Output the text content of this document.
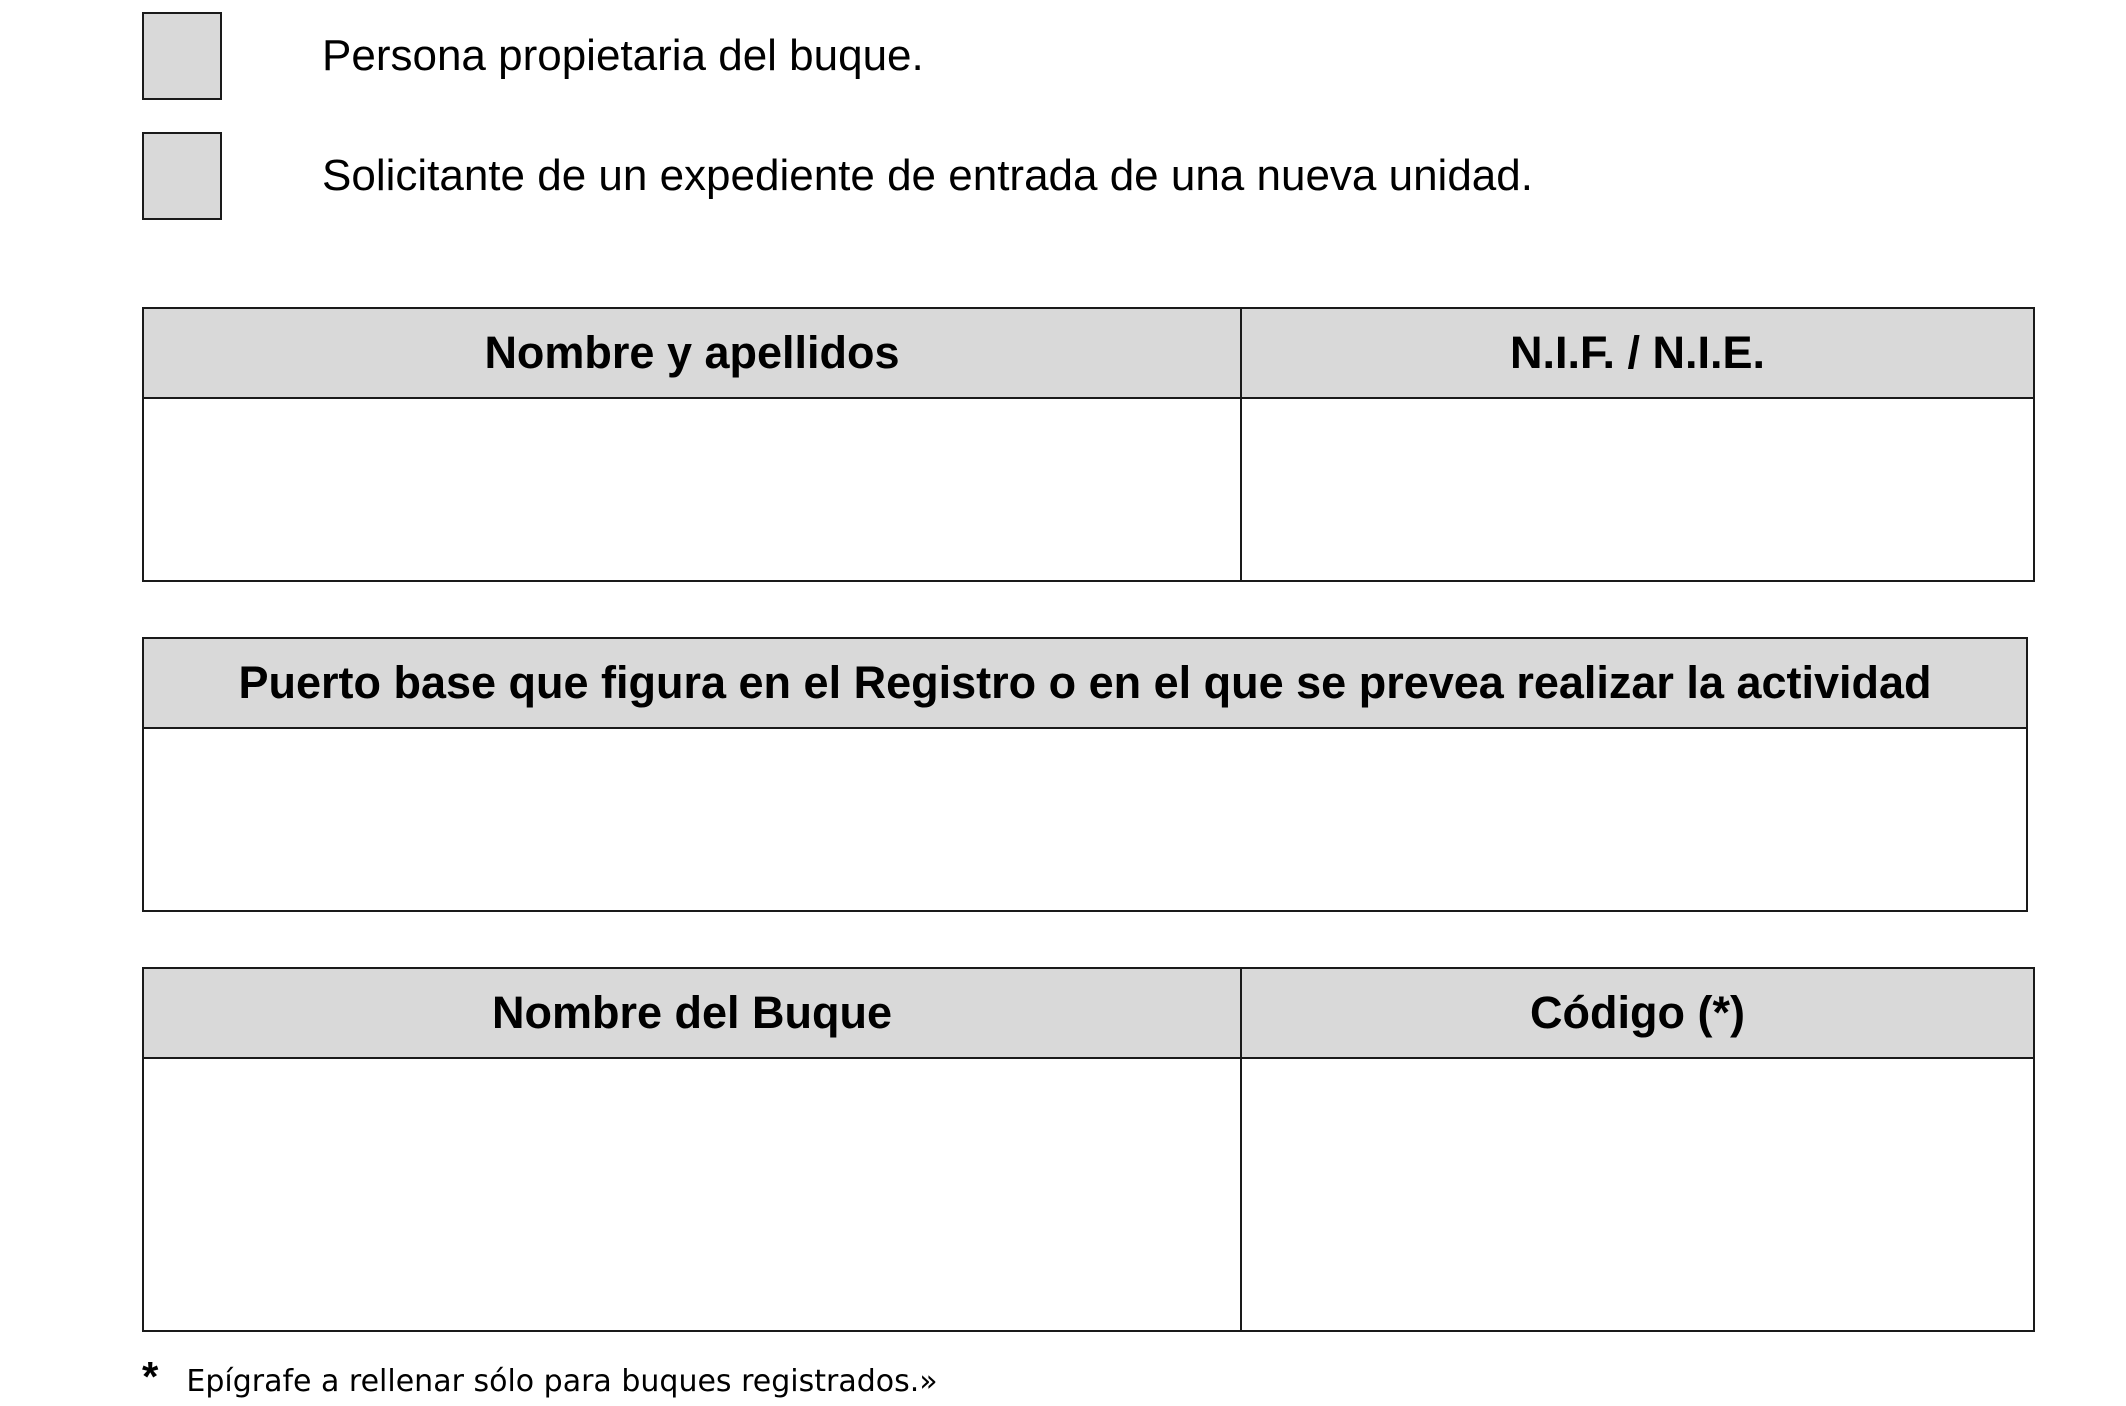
Persona propietaria del buque.
Solicitante de un expediente de entrada de una nueva unidad.
Nombre y apellidos	N.I.F. / N.I.E.

Puerto base que figura en el Registro o en el que se prevea realizar la actividad

Nombre del Buque	Código (*)

* Epígrafe a rellenar sólo para buques registrados.»
